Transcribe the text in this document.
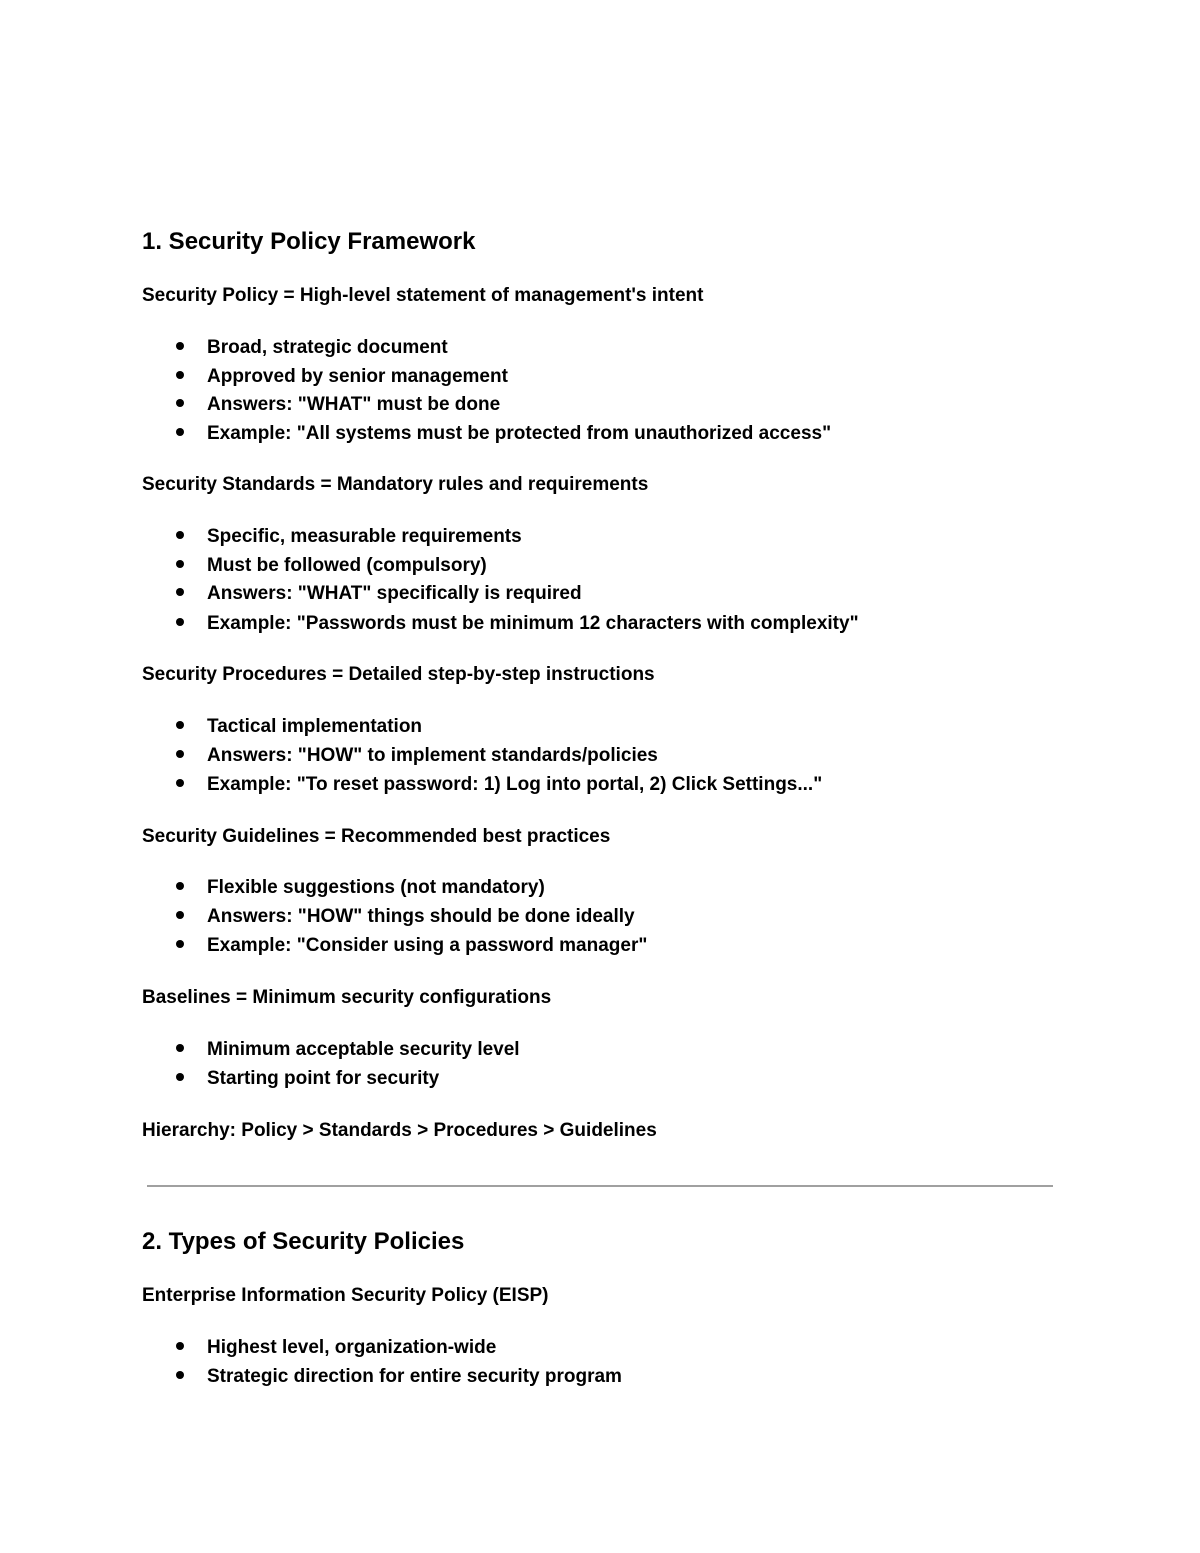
1. Security Policy Framework

Security Policy = High-level statement of management's intent

Broad, strategic document

Approved by senior management

Answers: "WHAT" must be done

Example: "All systems must be protected from unauthorized access"

Security Standards = Mandatory rules and requirements

Specific, measurable requirements

Must be followed (compulsory)

Answers: "WHAT" specifically is required

Example: "Passwords must be minimum 12 characters with complexity"

Security Procedures = Detailed step-by-step instructions

Tactical implementation

Answers: "HOW" to implement standards/policies

Example: "To reset password: 1) Log into portal, 2) Click Settings..."

Security Guidelines = Recommended best practices

Flexible suggestions (not mandatory)

Answers: "HOW" things should be done ideally

Example: "Consider using a password manager"

Baselines = Minimum security configurations

Minimum acceptable security level

Starting point for security

Hierarchy: Policy > Standards > Procedures > Guidelines

2. Types of Security Policies

Enterprise Information Security Policy (EISP)

Highest level, organization-wide

Strategic direction for entire security program
